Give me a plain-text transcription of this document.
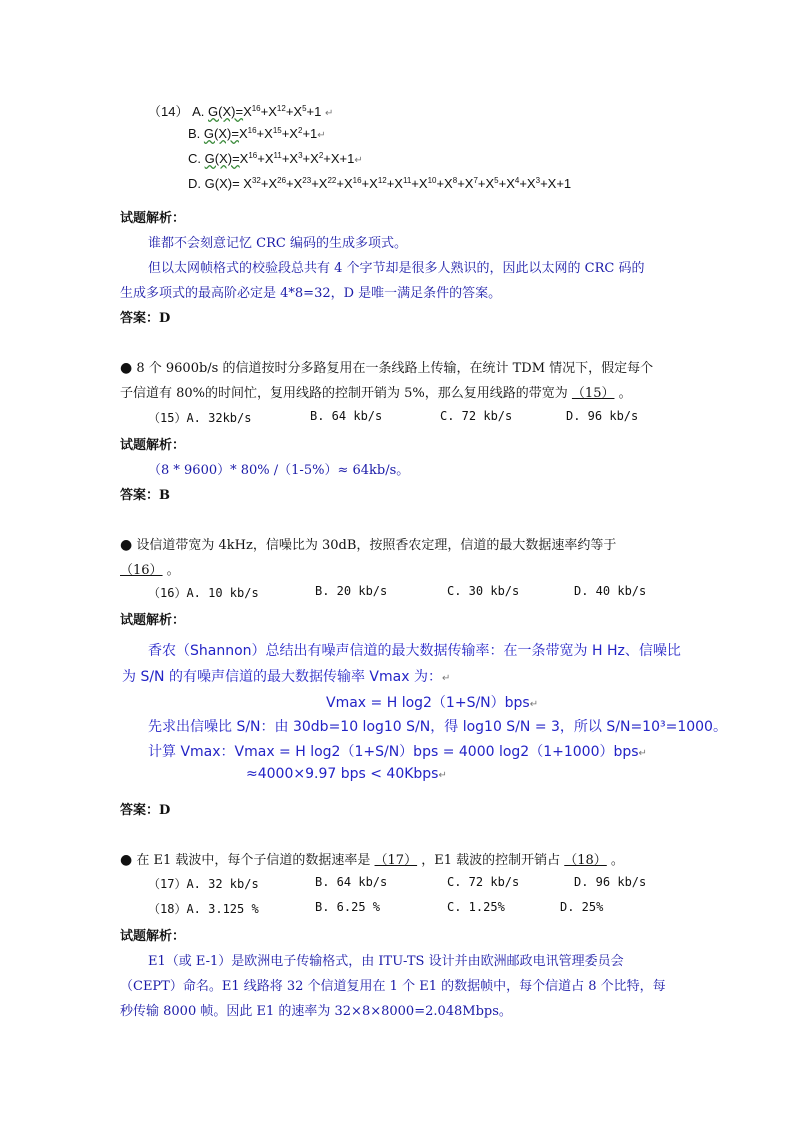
（14） A. $G(X)=X^{16}+X^{12}+X^5+1$ ↵
B. $G(X)=X^{16}+X^{15}+X^2+1↵$
C. $G(X)=X^{16}+X^{11}+X^3+X^2+X+1↵$
D. $G(X)= X^{32}+X^{26}+X^{23}+X^{22}+X^{16}+X^{12}+X^{11}+X^{10}+X^8+X^7+X^5+X^4+X^3+X+1$
试题解析：
谁都不会刻意记忆 CRC 编码的生成多项式。
但以太网帧格式的校验段总共有 4 个字节却是很多人熟识的，因此以太网的 CRC 码的
生成多项式的最高阶必定是 4*8=32，D 是唯一满足条件的答案。
答案：D
● 8 个 9600b/s 的信道按时分多路复用在一条线路上传输，在统计 TDM 情况下，假定每个
子信道有 80%的时间忙，复用线路的控制开销为 5%，那么复用线路的带宽为 （15） 。
（15）A. 32kb/s	B. 64 kb/s	C. 72 kb/s	D. 96 kb/s
试题解析：
（8 * 9600）* 80% /（1-5%）≈ 64kb/s。
答案：B
● 设信道带宽为 4kHz，信噪比为 30dB，按照香农定理，信道的最大数据速率约等于
（16） 。
（16）A. 10 kb/s	B. 20 kb/s	C. 30 kb/s	D. 40 kb/s
试题解析：
香农（Shannon）总结出有噪声信道的最大数据传输率：在一条带宽为 H Hz、信噪比
为 S/N 的有噪声信道的最大数据传输率 Vmax 为：↵
Vmax = H log2（1+S/N）bps↵
先求出信噪比 S/N：由 30db=10 log10 S/N，得 log10 S/N = 3，所以 S/N=10³=1000。
计算 Vmax：Vmax = H log2（1+S/N）bps = 4000 log2（1+1000）bps↵
≈4000×9.97 bps < 40Kbps↵
答案：D
● 在 E1 载波中，每个子信道的数据速率是 （17） ，E1 载波的控制开销占 （18） 。
（17）A. 32 kb/s	B. 64 kb/s	C. 72 kb/s	D. 96 kb/s
（18）A. 3.125 %	B. 6.25 %	C. 1.25%	D. 25%
试题解析：
E1（或 E-1）是欧洲电子传输格式，由 ITU-TS 设计并由欧洲邮政电讯管理委员会
（CEPT）命名。E1 线路将 32 个信道复用在 1 个 E1 的数据帧中，每个信道占 8 个比特，每
秒传输 8000 帧。因此 E1 的速率为 32×8×8000=2.048Mbps。
